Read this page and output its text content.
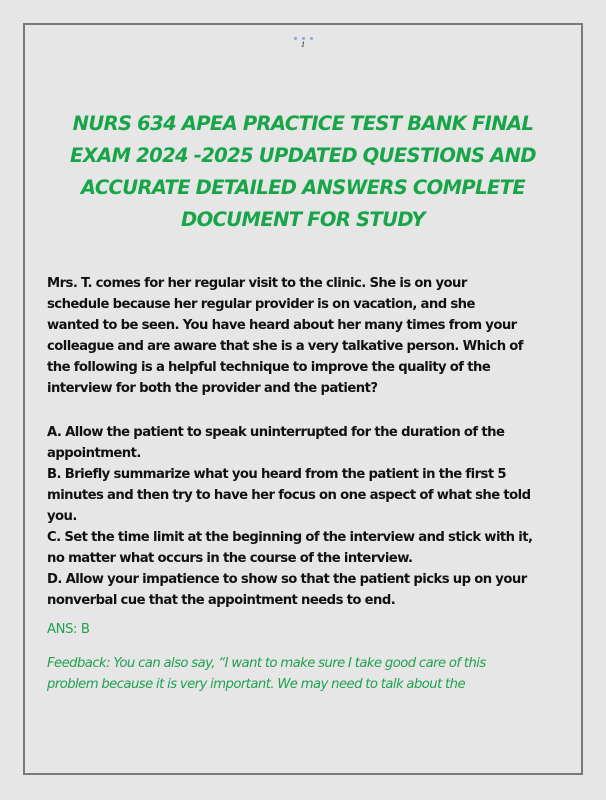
1
NURS 634 APEA PRACTICE TEST BANK FINAL
EXAM 2024 -2025 UPDATED QUESTIONS AND
ACCURATE DETAILED ANSWERS COMPLETE
DOCUMENT FOR STUDY
Mrs. T. comes for her regular visit to the clinic. She is on your schedule because her regular provider is on vacation, and she wanted to be seen. You have heard about her many times from your colleague and are aware that she is a very talkative person. Which of the following is a helpful technique to improve the quality of the interview for both the provider and the patient?
A. Allow the patient to speak uninterrupted for the duration of the appointment.
B. Briefly summarize what you heard from the patient in the first 5 minutes and then try to have her focus on one aspect of what she told you.
C. Set the time limit at the beginning of the interview and stick with it, no matter what occurs in the course of the interview.
D. Allow your impatience to show so that the patient picks up on your nonverbal cue that the appointment needs to end.
ANS: B
Feedback: You can also say, “I want to make sure I take good care of this problem because it is very important. We may need to talk about the
